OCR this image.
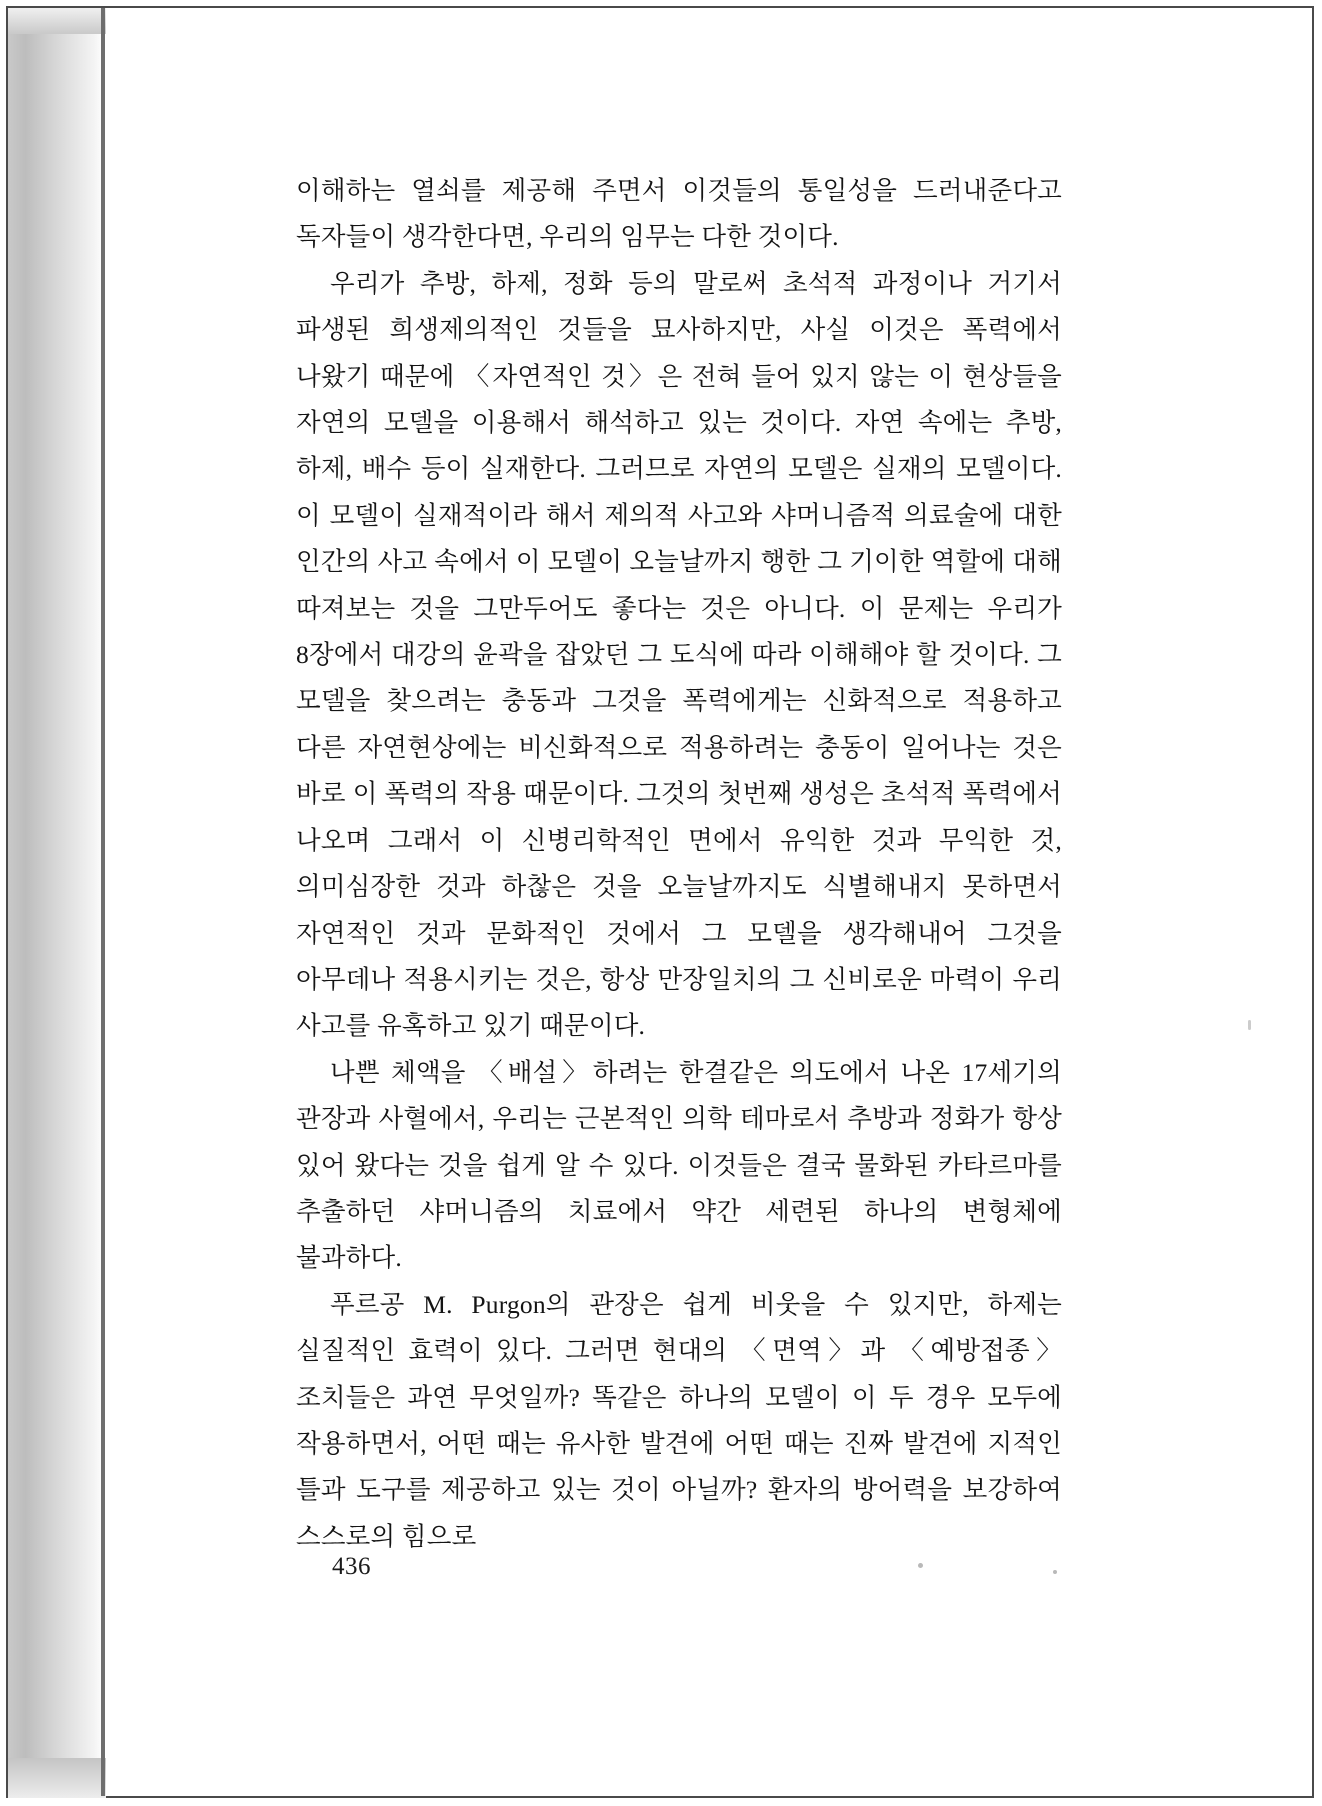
이해하는 열쇠를 제공해 주면서 이것들의 통일성을 드러내준다고 독자들이 생각한다면, 우리의 임무는 다한 것이다.

우리가 추방, 하제, 정화 등의 말로써 초석적 과정이나 거기서 파생된 희생제의적인 것들을 묘사하지만, 사실 이것은 폭력에서 나왔기 때문에 〈자연적인 것〉은 전혀 들어 있지 않는 이 현상들을 자연의 모델을 이용해서 해석하고 있는 것이다. 자연 속에는 추방, 하제, 배수 등이 실재한다. 그러므로 자연의 모델은 실재의 모델이다. 이 모델이 실재적이라 해서 제의적 사고와 샤머니즘적 의료술에 대한 인간의 사고 속에서 이 모델이 오늘날까지 행한 그 기이한 역할에 대해 따져보는 것을 그만두어도 좋다는 것은 아니다. 이 문제는 우리가 8장에서 대강의 윤곽을 잡았던 그 도식에 따라 이해해야 할 것이다. 그 모델을 찾으려는 충동과 그것을 폭력에게는 신화적으로 적용하고 다른 자연현상에는 비신화적으로 적용하려는 충동이 일어나는 것은 바로 이 폭력의 작용 때문이다. 그것의 첫번째 생성은 초석적 폭력에서 나오며 그래서 이 신병리학적인 면에서 유익한 것과 무익한 것, 의미심장한 것과 하찮은 것을 오늘날까지도 식별해내지 못하면서 자연적인 것과 문화적인 것에서 그 모델을 생각해내어 그것을 아무데나 적용시키는 것은, 항상 만장일치의 그 신비로운 마력이 우리 사고를 유혹하고 있기 때문이다.

나쁜 체액을 〈배설〉하려는 한결같은 의도에서 나온 17세기의 관장과 사혈에서, 우리는 근본적인 의학 테마로서 추방과 정화가 항상 있어 왔다는 것을 쉽게 알 수 있다. 이것들은 결국 물화된 카타르마를 추출하던 샤머니즘의 치료에서 약간 세련된 하나의 변형체에 불과하다.

푸르공 M. Purgon의 관장은 쉽게 비웃을 수 있지만, 하제는 실질적인 효력이 있다. 그러면 현대의 〈면역〉과 〈예방접종〉 조치들은 과연 무엇일까? 똑같은 하나의 모델이 이 두 경우 모두에 작용하면서, 어떤 때는 유사한 발견에 어떤 때는 진짜 발견에 지적인 틀과 도구를 제공하고 있는 것이 아닐까? 환자의 방어력을 보강하여 스스로의 힘으로

436
